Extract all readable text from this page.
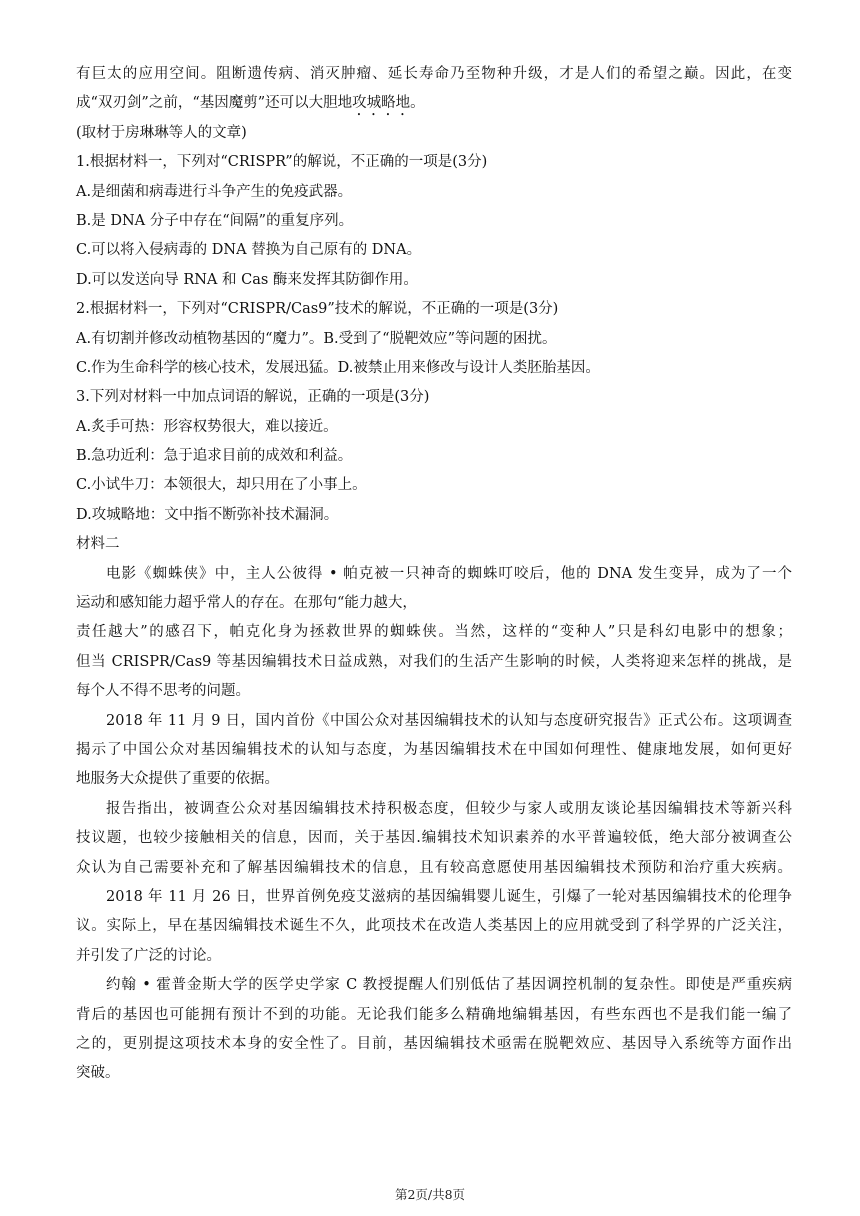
有巨太的应用空间。阻断遗传病、消灭肿瘤、延长寿命乃至物种升级，才是人们的希望之巅。因此，在变
成“双刃剑”之前，“基因魔剪”还可以大胆地攻城略地。
(取材于房琳琳等人的文章)
1.根据材料一，下列对“CRISPR”的解说，不正确的一项是(3分)
A.是细菌和病毒进行斗争产生的免疫武器。
B.是 DNA 分子中存在“间隔”的重复序列。
C.可以将入侵病毒的 DNA 替换为自己原有的 DNA。
D.可以发送向导 RNA 和 Cas 酶来发挥其防御作用。
2.根据材料一，下列对“CRISPR/Cas9”技术的解说，不正确的一项是(3分)
A.有切割并修改动植物基因的“魔力”。B.受到了“脱靶效应”等问题的困扰。
C.作为生命科学的核心技术，发展迅猛。D.被禁止用来修改与设计人类胚胎基因。
3.下列对材料一中加点词语的解说，正确的一项是(3分)
A.炙手可热：形容权势很大，难以接近。
B.急功近利：急于追求目前的成效和利益。
C.小试牛刀：本领很大，却只用在了小事上。
D.攻城略地：文中指不断弥补技术漏洞。
材料二
电影《蜘蛛侠》中，主人公彼得 • 帕克被一只神奇的蜘蛛叮咬后，他的 DNA 发生变异，成为了一个
运动和感知能力超乎常人的存在。在那句“能力越大，
责任越大”的感召下，帕克化身为拯救世界的蜘蛛侠。当然，这样的“变种人”只是科幻电影中的想象；
但当 CRISPR/Cas9 等基因编辑技术日益成熟，对我们的生活产生影响的时候，人类将迎来怎样的挑战，是
每个人不得不思考的问题。
2018 年 11 月 9 日，国内首份《中国公众对基因编辑技术的认知与态度研究报告》正式公布。这项调查
揭示了中国公众对基因编辑技术的认知与态度，为基因编辑技术在中国如何理性、健康地发展，如何更好
地服务大众提供了重要的依据。
报告指出，被调查公众对基因编辑技术持积极态度，但较少与家人或朋友谈论基因编辑技术等新兴科
技议题，也较少接触相关的信息，因而，关于基因.编辑技术知识素养的水平普遍较低，绝大部分被调查公
众认为自己需要补充和了解基因编辑技术的信息，且有较高意愿使用基因编辑技术预防和治疗重大疾病。
2018 年 11 月 26 日，世界首例免疫艾滋病的基因编辑婴儿诞生，引爆了一轮对基因编辑技术的伦理争
议。实际上，早在基因编辑技术诞生不久，此项技术在改造人类基因上的应用就受到了科学界的广泛关注，
并引发了广泛的讨论。
约翰 • 霍普金斯大学的医学史学家 C 教授提醒人们别低估了基因调控机制的复杂性。即使是严重疾病
背后的基因也可能拥有预计不到的功能。无论我们能多么精确地编辑基因，有些东西也不是我们能一编了
之的，更别提这项技术本身的安全性了。目前，基因编辑技术亟需在脱靶效应、基因导入系统等方面作出
突破。
第2页/共8页
